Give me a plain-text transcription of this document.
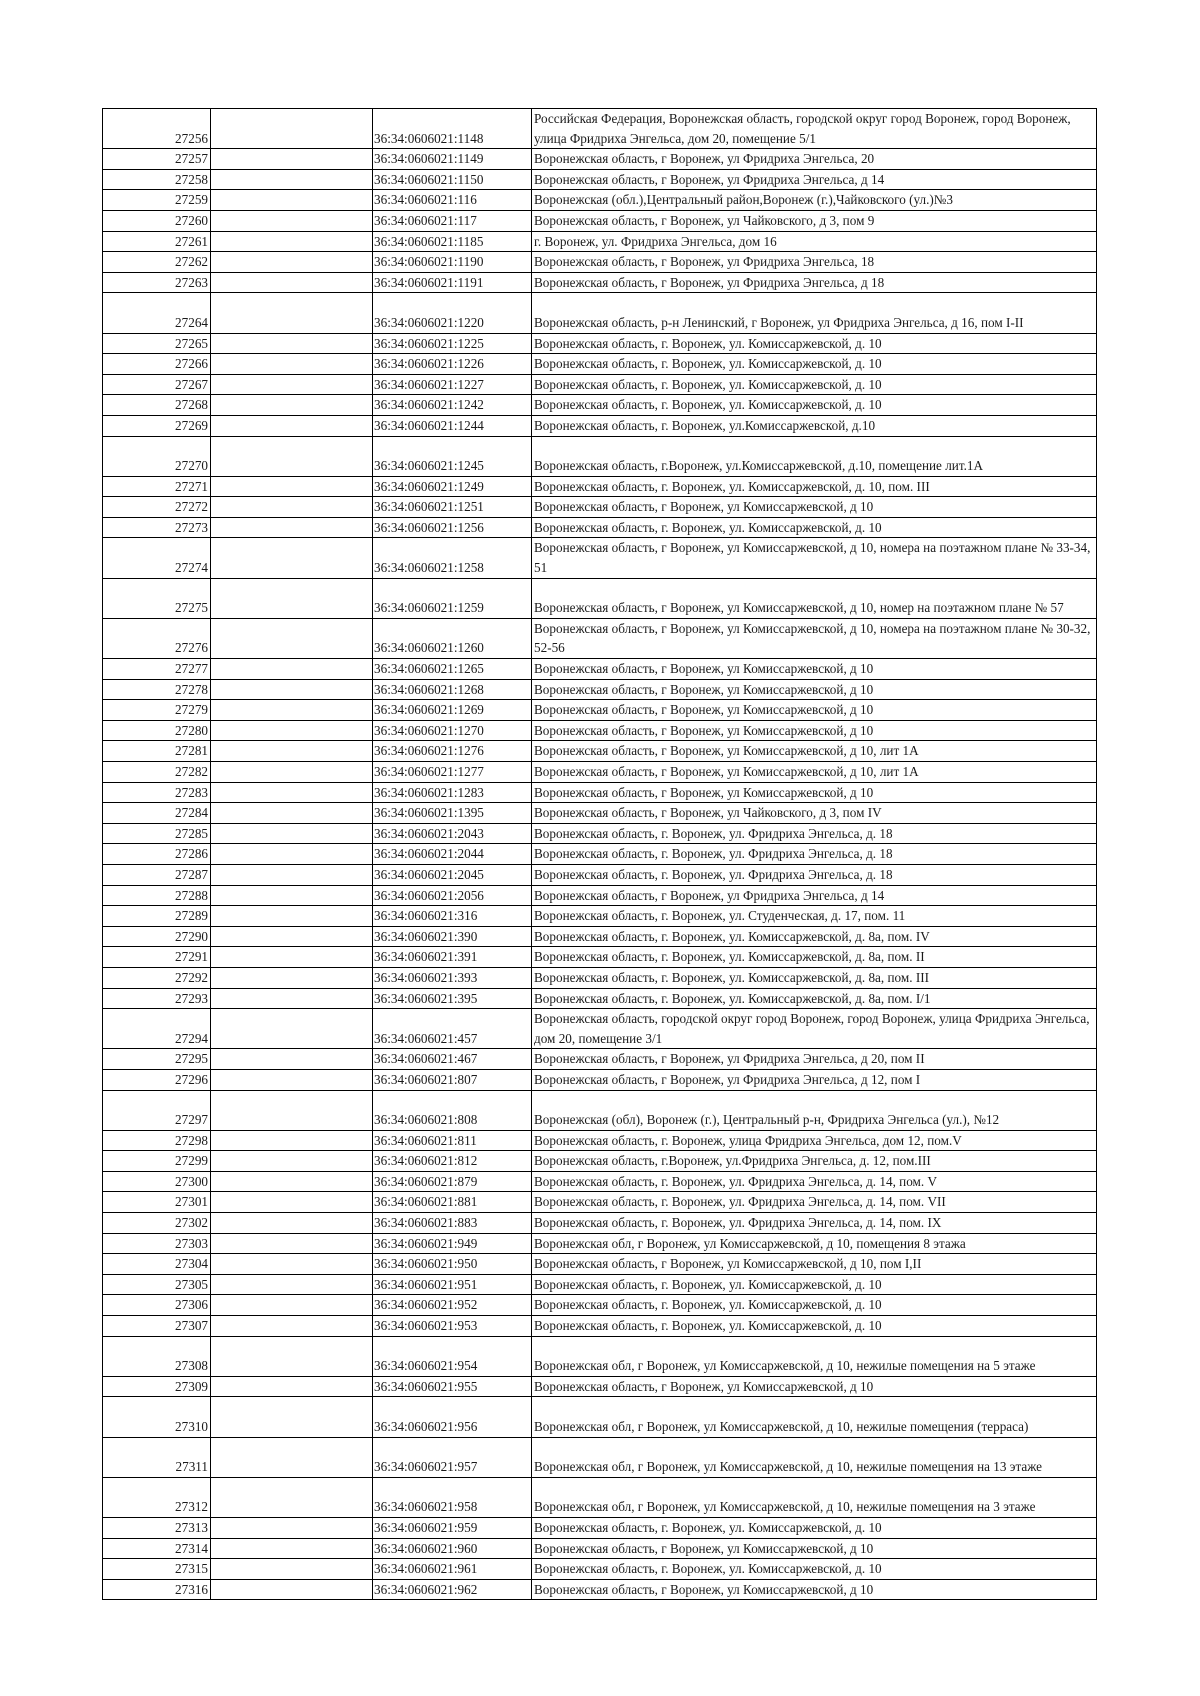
27256		36:34:0606021:1148	Российская Федерация, Воронежская область, городской округ город Воронеж, город Воронеж, улица Фридриха Энгельса, дом 20, помещение 5/1
27257		36:34:0606021:1149	Воронежская область, г Воронеж, ул Фридриха Энгельса, 20
27258		36:34:0606021:1150	Воронежская область, г Воронеж, ул Фридриха Энгельса, д 14
27259		36:34:0606021:116	Воронежская (обл.),Центральный район,Воронеж (г.),Чайковского (ул.)№3
27260		36:34:0606021:117	Воронежская область, г Воронеж, ул Чайковского, д 3, пом 9
27261		36:34:0606021:1185	г. Воронеж, ул. Фридриха Энгельса, дом 16
27262		36:34:0606021:1190	Воронежская область, г Воронеж, ул Фридриха Энгельса, 18
27263		36:34:0606021:1191	Воронежская область, г Воронеж, ул Фридриха Энгельса, д 18
27264		36:34:0606021:1220	Воронежская область, р-н Ленинский, г Воронеж, ул Фридриха Энгельса, д 16, пом I-II
27265		36:34:0606021:1225	Воронежская область, г. Воронеж, ул. Комиссаржевской, д. 10
27266		36:34:0606021:1226	Воронежская область, г. Воронеж, ул. Комиссаржевской, д. 10
27267		36:34:0606021:1227	Воронежская область, г. Воронеж, ул. Комиссаржевской, д. 10
27268		36:34:0606021:1242	Воронежская область, г. Воронеж, ул. Комиссаржевской, д. 10
27269		36:34:0606021:1244	Воронежская область, г. Воронеж, ул.Комиссаржевской, д.10
27270		36:34:0606021:1245	Воронежская область, г.Воронеж, ул.Комиссаржевской, д.10, помещение лит.1А
27271		36:34:0606021:1249	Воронежская область, г. Воронеж, ул. Комиссаржевской, д. 10, пом. III
27272		36:34:0606021:1251	Воронежская область, г Воронеж, ул Комиссаржевской, д 10
27273		36:34:0606021:1256	Воронежская область, г. Воронеж, ул. Комиссаржевской, д. 10
27274		36:34:0606021:1258	Воронежская область, г Воронеж, ул Комиссаржевской, д 10, номера на поэтажном плане № 33-34, 51
27275		36:34:0606021:1259	Воронежская область, г Воронеж, ул Комиссаржевской, д 10, номер на поэтажном плане № 57
27276		36:34:0606021:1260	Воронежская область, г Воронеж, ул Комиссаржевской, д 10, номера на поэтажном плане № 30-32, 52-56
27277		36:34:0606021:1265	Воронежская область, г Воронеж, ул Комиссаржевской, д 10
27278		36:34:0606021:1268	Воронежская область, г Воронеж, ул Комиссаржевской, д 10
27279		36:34:0606021:1269	Воронежская область, г Воронеж, ул Комиссаржевской, д 10
27280		36:34:0606021:1270	Воронежская область, г Воронеж, ул Комиссаржевской, д 10
27281		36:34:0606021:1276	Воронежская область, г Воронеж, ул Комиссаржевской, д 10, лит 1А
27282		36:34:0606021:1277	Воронежская область, г Воронеж, ул Комиссаржевской, д 10, лит 1А
27283		36:34:0606021:1283	Воронежская область, г Воронеж, ул Комиссаржевской, д 10
27284		36:34:0606021:1395	Воронежская область, г Воронеж, ул Чайковского, д 3, пом IV
27285		36:34:0606021:2043	Воронежская область, г. Воронеж, ул. Фридриха Энгельса, д. 18
27286		36:34:0606021:2044	Воронежская область, г. Воронеж, ул. Фридриха Энгельса, д. 18
27287		36:34:0606021:2045	Воронежская область, г. Воронеж, ул. Фридриха Энгельса, д. 18
27288		36:34:0606021:2056	Воронежская область, г Воронеж, ул Фридриха Энгельса, д 14
27289		36:34:0606021:316	Воронежская область, г. Воронеж, ул. Студенческая, д. 17, пом. 11
27290		36:34:0606021:390	Воронежская область, г. Воронеж, ул. Комиссаржевской, д. 8а, пом. IV
27291		36:34:0606021:391	Воронежская область, г. Воронеж, ул. Комиссаржевской, д. 8а, пом. II
27292		36:34:0606021:393	Воронежская область, г. Воронеж, ул. Комиссаржевской, д. 8а, пом. III
27293		36:34:0606021:395	Воронежская область, г. Воронеж, ул. Комиссаржевской, д. 8а, пом. I/1
27294		36:34:0606021:457	Воронежская область, городской округ город Воронеж, город Воронеж, улица Фридриха Энгельса, дом 20, помещение 3/1
27295		36:34:0606021:467	Воронежская область, г Воронеж, ул Фридриха Энгельса, д 20, пом II
27296		36:34:0606021:807	Воронежская область, г Воронеж, ул Фридриха Энгельса, д 12, пом I
27297		36:34:0606021:808	Воронежская (обл), Воронеж (г.), Центральный р-н, Фридриха Энгельса (ул.), №12
27298		36:34:0606021:811	Воронежская область, г. Воронеж, улица Фридриха Энгельса, дом 12, пом.V
27299		36:34:0606021:812	Воронежская область, г.Воронеж, ул.Фридриха Энгельса, д. 12, пом.III
27300		36:34:0606021:879	Воронежская область, г. Воронеж, ул. Фридриха Энгельса, д. 14, пом. V
27301		36:34:0606021:881	Воронежская область, г. Воронеж, ул. Фридриха Энгельса, д. 14, пом. VII
27302		36:34:0606021:883	Воронежская область, г. Воронеж, ул. Фридриха Энгельса, д. 14, пом. IX
27303		36:34:0606021:949	Воронежская обл, г Воронеж, ул Комиссаржевской, д 10, помещения 8 этажа
27304		36:34:0606021:950	Воронежская область, г Воронеж, ул Комиссаржевской, д 10, пом I,II
27305		36:34:0606021:951	Воронежская область, г. Воронеж, ул. Комиссаржевской, д. 10
27306		36:34:0606021:952	Воронежская область, г. Воронеж, ул. Комиссаржевской, д. 10
27307		36:34:0606021:953	Воронежская область, г. Воронеж, ул. Комиссаржевской, д. 10
27308		36:34:0606021:954	Воронежская обл, г Воронеж, ул Комиссаржевской, д 10, нежилые помещения на 5 этаже
27309		36:34:0606021:955	Воронежская область, г Воронеж, ул Комиссаржевской, д 10
27310		36:34:0606021:956	Воронежская обл, г Воронеж, ул Комиссаржевской, д 10, нежилые помещения (терраса)
27311		36:34:0606021:957	Воронежская обл, г Воронеж, ул Комиссаржевской, д 10, нежилые помещения на 13 этаже
27312		36:34:0606021:958	Воронежская обл, г Воронеж, ул Комиссаржевской, д 10, нежилые помещения на 3 этаже
27313		36:34:0606021:959	Воронежская область, г. Воронеж, ул. Комиссаржевской, д. 10
27314		36:34:0606021:960	Воронежская область, г Воронеж, ул Комиссаржевской, д 10
27315		36:34:0606021:961	Воронежская область, г. Воронеж, ул. Комиссаржевской, д. 10
27316		36:34:0606021:962	Воронежская область, г Воронеж, ул Комиссаржевской, д 10
